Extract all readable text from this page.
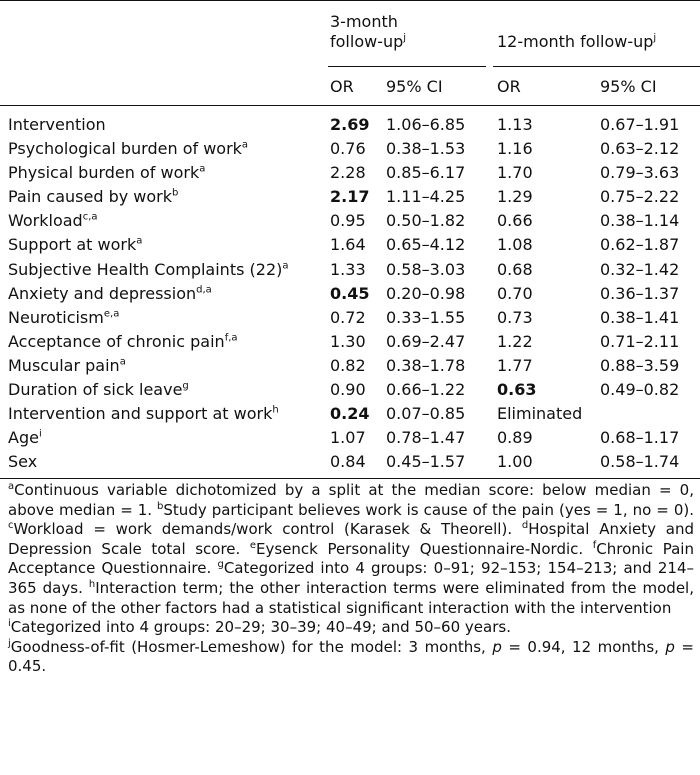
3-month
follow-$up^j$	12-month follow-$up^j$
OR 95% CI	OR	95% CI
Intervention	2.69	1.06–6.85	1.13	0.67–1.91
Psychological burden of work$^a$	0.76	0.38–1.53	1.16	0.63–2.12
Physical burden of work$^a$	2.28	0.85–6.17	1.70	0.79–3.63
Pain caused by work$^b$	2.17	1.11–4.25	1.29	0.75–2.22
Workload$^{c,a}$	0.95	0.50–1.82	0.66	0.38–1.14
Support at work$^a$	1.64	0.65–4.12	1.08	0.62–1.87
Subjective Health Complaints $(22)^a$	1.33	0.58–3.03	0.68	0.32–1.42
Anxiety and depression$^{d,a}$	0.45	0.20–0.98	0.70	0.36–1.37
Neuroticism$^{e,a}$	0.72	0.33–1.55	0.73	0.38–1.41
Acceptance of chronic pain$^{f,a}$	1.30	0.69–2.47	1.22	0.71–2.11
Muscular pain$^a$	0.82	0.38–1.78	1.77	0.88–3.59
Duration of sick leave$^g$	0.90	0.66–1.22	0.63	0.49–0.82
Intervention and support at work$^h$	0.24	0.07–0.85	Eliminated	
Age$^i$	1.07	0.78–1.47	0.89	0.68–1.17
Sex	0.84	0.45–1.57	1.00	0.58–1.74

$^a$Continuous variable dichotomized by a split at the median score: below median = 0, above median = 1. $^b$Study participant believes work is cause of the pain (yes = 1, no = 0). $^c$Workload = work demands/work control (Karasek & Theorell). $^d$Hospital Anxiety and Depression Scale total score. $^e$Eysenck Personality Questionnaire-Nordic. $^f$Chronic Pain Acceptance Questionnaire. $^g$Categorized into 4 groups: 0–91; 92–153; 154–213; and 214–365 days. $^h$Interaction term; the other interaction terms were eliminated from the model, as none of the other factors had a statistical significant interaction with the intervention

$^i$Categorized into 4 groups: 20–29; 30–39; 40–49; and 50–60 years.

$^j$Goodness-of-fit (Hosmer-Lemeshow) for the model: 3 months, p = 0.94, 12 months, p = 0.45.
